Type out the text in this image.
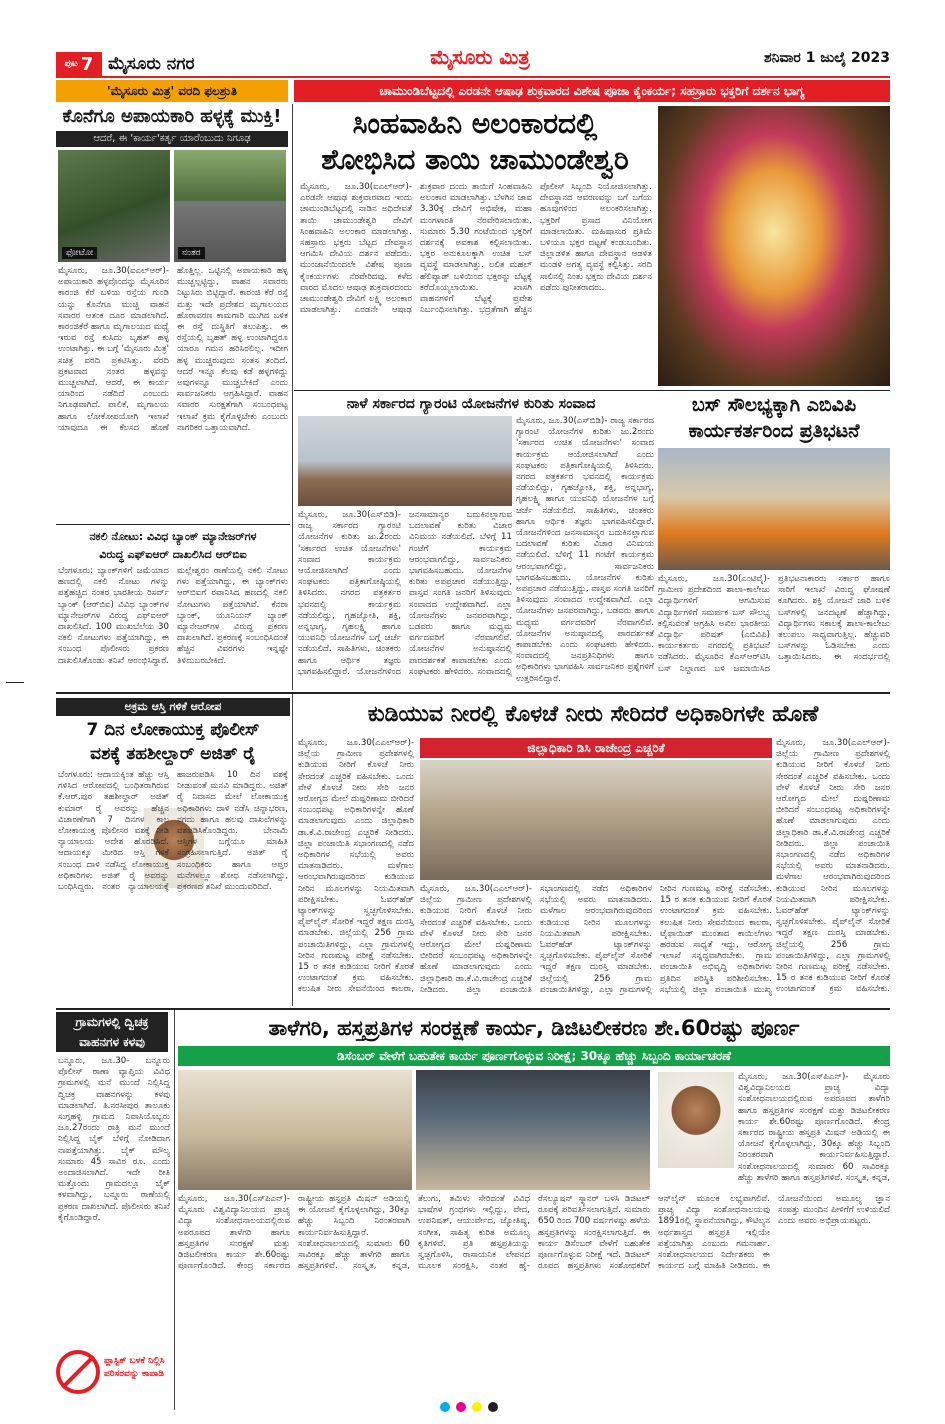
ಪುಟ 7 ಮೈಸೂರು ನಗರ	ಮೈಸೂರು ಮಿತ್ರ	ಶನಿವಾರ 1 ಜುಲೈ 2023
'ಮೈಸೂರು ಮಿತ್ರ' ವರದಿ ಫಲಶ್ರುತಿ
ಕೊನೆಗೂ ಅಪಾಯಕಾರಿ ಹಳ್ಳಕ್ಕೆ ಮುಕ್ತಿ!
ಆದರೆ, ಈ 'ಕಾರ್ಯ'ಕರ್ತೃ ಯಾರೆಂಬುದು ನಿಗೂಢ
ಫೋಟೋ	ನಂತರ
ಮೈಸೂರು, ಜೂ.30(ಐಎಲ್‌ಆರ್)- ಅಪಾಯಕಾರಿ ಹಳ್ಳವೊಂದನ್ನು ಮೈಸೂರಿನ ಕಾರಂಜಿ ಕೆರೆ ಬಳಿಯ ರಸ್ತೆಯ ಗುಂಡಿ ಯನ್ನು ಕೊನೆಗೂ ಮುಚ್ಚಿ ವಾಹನ ಸವಾರರ ಆತಂಕ ದೂರ ಮಾಡಲಾಗಿದೆ. ಕಾರಂಜಿಕೆರೆ ಹಾಗೂ ಮೃಗಾಲಯದ ಮಧ್ಯೆ ಇರುವ ರಸ್ತೆ ಕುಸಿದು ಬೃಹತ್ ಹಳ್ಳ ಉಂಟಾಗಿತ್ತು. ಈ ಬಗ್ಗೆ 'ಮೈಸೂರು ಮಿತ್ರ' ಸಚಿತ್ರ ವರದಿ ಪ್ರಕಟಿಸಿತ್ತು. ವರದಿ ಪ್ರಕಟವಾದ ನಂತರ ಹಳ್ಳವನ್ನು ಮುಚ್ಚಲಾಗಿದೆ. ಆದರೆ, ಈ ಕಾರ್ಯ ಯಾರಿಂದ ನಡೆದಿದೆ ಎಂಬುದು ನಿಗೂಢವಾಗಿದೆ. ಪಾಲಿಕೆ, ಮೃಗಾಲಯ ಹಾಗೂ ಲೋಕೋಪಯೋಗಿ ಇಲಾಖೆ ಯಾವುದೂ ಈ ಕೆಲಸದ ಹೊಣೆ ಹೊತ್ತಿಲ್ಲ. ಒಟ್ಟಿನಲ್ಲಿ ಅಪಾಯಕಾರಿ ಹಳ್ಳ ಮುಚ್ಚಲ್ಪಟ್ಟಿದ್ದು, ವಾಹನ ಸವಾರರು ನಿಟ್ಟುಸಿರು ಬಿಟ್ಟಿದ್ದಾರೆ. ಕಾರಂಜಿ ಕೆರೆ ರಸ್ತೆ ಮತ್ತು ಇದೇ ಪ್ರದೇಶದ ಮೃಗಾಲಯದ ಹೊರಾವರಣ ಕಾಮಗಾರಿ ಮುಗಿದ ಬಳಿಕ ಈ ರಸ್ತೆ ದುಸ್ಥಿತಿಗೆ ತಲುಪಿತ್ತು. ಈ ರಸ್ತೆಯಲ್ಲಿ ಬೃಹತ್ ಹಳ್ಳ ಉಂಟಾಗಿದ್ದರೂ ಯಾರೂ ಗಮನ ಹರಿಸಿರಲಿಲ್ಲ. ಇದೀಗ ಹಳ್ಳ ಮುಚ್ಚಿರುವುದು ಸಂತಸ ತಂದಿದೆ. ಆದರೆ ಇನ್ನೂ ಕೆಲವು ಕಡೆ ಹಳ್ಳಗಳಿದ್ದು ಅವುಗಳನ್ನೂ ಮುಚ್ಚಬೇಕಿದೆ ಎಂದು ಸಾರ್ವಜನಿಕರು ಆಗ್ರಹಿಸಿದ್ದಾರೆ. ವಾಹನ ಸವಾರರ ಸುರಕ್ಷತೆಗಾಗಿ ಸಂಬಂಧಪಟ್ಟ ಇಲಾಖೆ ಕ್ರಮ ಕೈಗೊಳ್ಳಬೇಕು ಎಂಬುದು ನಾಗರಿಕರ ಒತ್ತಾಯವಾಗಿದೆ.
ಚಾಮುಂಡಿಬೆಟ್ಟದಲ್ಲಿ ಎರಡನೇ ಆಷಾಢ ಶುಕ್ರವಾರದ ವಿಶೇಷ ಪೂಜಾ ಕೈಂಕರ್ಯ; ಸಹಸ್ರಾರು ಭಕ್ತರಿಗೆ ದರ್ಶನ ಭಾಗ್ಯ
ಸಿಂಹವಾಹಿನಿ ಅಲಂಕಾರದಲ್ಲಿ
ಶೋಭಿಸಿದ ತಾಯಿ ಚಾಮುಂಡೇಶ್ವರಿ
ಮೈಸೂರು, ಜೂ.30(ಐಎಲ್‌ಆರ್)- ಎರಡನೇ ಆಷಾಢ ಶುಕ್ರವಾರವಾದ ಇಂದು ಚಾಮುಂಡಿಬೆಟ್ಟದಲ್ಲಿ ನಾಡಿನ ಅಧಿದೇವತೆ ತಾಯಿ ಚಾಮುಂಡೇಶ್ವರಿ ದೇವಿಗೆ ಸಿಂಹವಾಹಿನಿ ಅಲಂಕಾರ ಮಾಡಲಾಗಿತ್ತು. ಸಹಸ್ರಾರು ಭಕ್ತರು ಬೆಟ್ಟದ ದೇವಸ್ಥಾನ ಆಗಮಿಸಿ ದೇವಿಯ ದರ್ಶನ ಪಡೆದರು. ಮುಂಜಾನೆಯಿಂದಲೇ ವಿಶೇಷ ಪೂಜಾ ಕೈಂಕರ್ಯಗಳು ನೆರವೇರಿದವು. ಕಳೆದ ವಾರದ ಮೊದಲ ಆಷಾಢ ಶುಕ್ರವಾರದಂದು ಚಾಮುಂಡೇಶ್ವರಿ ದೇವಿಗೆ ಲಕ್ಷ್ಮಿ ಅಲಂಕಾರ ಮಾಡಲಾಗಿತ್ತು. ಎರಡನೇ ಆಷಾಢ ಶುಕ್ರವಾರ ದಂದು ತಾಯಿಗೆ ಸಿಂಹವಾಹಿನಿ ಅಲಂಕಾರ ಮಾಡಲಾಗಿತ್ತು. ಬೆಳಗಿನ ಜಾವ 3.30ಕ್ಕೆ ದೇವಿಗೆ ಅಭಿಷೇಕ, ಮಹಾ ಮಂಗಳಾರತಿ ನೆರವೇರಿಸಲಾಯಿತು. ಸುಮಾರು 5.30 ಗಂಟೆಯಿಂದ ಭಕ್ತರಿಗೆ ದರ್ಶನಕ್ಕೆ ಅವಕಾಶ ಕಲ್ಪಿಸಲಾಯಿತು. ಭಕ್ತರ ಅನುಕೂಲಕ್ಕಾಗಿ ಉಚಿತ ಬಸ್ ವ್ಯವಸ್ಥೆ ಮಾಡಲಾಗಿತ್ತು. ಲಲಿತ ಮಹಲ್ ಹೆಲಿಪ್ಯಾಡ್ ಬಳಿಯಿಂದ ಭಕ್ತರನ್ನು ಬೆಟ್ಟಕ್ಕೆ ಕರೆದೊಯ್ಯಲಾಯಿತು. ಖಾಸಗಿ ವಾಹನಗಳಿಗೆ ಬೆಟ್ಟಕ್ಕೆ ಪ್ರವೇಶ ನಿರ್ಬಂಧಿಸಲಾಗಿತ್ತು. ಭದ್ರತೆಗಾಗಿ ಹೆಚ್ಚಿನ ಪೊಲೀಸ್ ಸಿಬ್ಬಂದಿ ನಿಯೋಜಿಸಲಾಗಿತ್ತು. ದೇವಸ್ಥಾನದ ಆವರಣವನ್ನು ಬಗೆ ಬಗೆಯ ಹೂವುಗಳಿಂದ ಅಲಂಕರಿಸಲಾಗಿತ್ತು. ಭಕ್ತರಿಗೆ ಪ್ರಸಾದ ವಿನಿಯೋಗ ಮಾಡಲಾಯಿತು. ಮಹಿಷಾಸುರ ಪ್ರತಿಮೆ ಬಳಿಯೂ ಭಕ್ತರ ದಟ್ಟಣೆ ಕಂಡುಬಂದಿತು. ಜಿಲ್ಲಾಡಳಿತ ಹಾಗೂ ದೇವಸ್ಥಾನ ಆಡಳಿತ ಮಂಡಳಿ ಅಗತ್ಯ ವ್ಯವಸ್ಥೆ ಕಲ್ಪಿಸಿತ್ತು. ಸರದಿ ಸಾಲಿನಲ್ಲಿ ನಿಂತು ಭಕ್ತರು ದೇವಿಯ ದರ್ಶನ ಪಡೆದು ಪುನೀತರಾದರು.
ನಾಳೆ ಸರ್ಕಾರದ ಗ್ಯಾರಂಟಿ ಯೋಜನೆಗಳ ಕುರಿತು ಸಂವಾದ
ಮೈಸೂರು, ಜೂ.30(ಎಸ್‌ಬಿಡಿ)- ರಾಜ್ಯ ಸರ್ಕಾರದ ಗ್ಯಾರಂಟಿ ಯೋಜನೆಗಳ ಕುರಿತು ಜು.2ರಂದು 'ಸರ್ಕಾರದ ಉಚಿತ ಯೋಜನೆಗಳು' ಸಂವಾದ ಕಾರ್ಯಕ್ರಮ ಆಯೋಜಿಸಲಾಗಿದೆ ಎಂದು ಸಂಘಟಕರು ಪತ್ರಿಕಾಗೋಷ್ಠಿಯಲ್ಲಿ ತಿಳಿಸಿದರು. ನಗರದ ಪತ್ರಕರ್ತರ ಭವನದಲ್ಲಿ ಕಾರ್ಯಕ್ರಮ ನಡೆಯಲಿದ್ದು, ಗೃಹಜ್ಯೋತಿ, ಶಕ್ತಿ, ಅನ್ನಭಾಗ್ಯ, ಗೃಹಲಕ್ಷ್ಮಿ ಹಾಗೂ ಯುವನಿಧಿ ಯೋಜನೆಗಳ ಬಗ್ಗೆ ಚರ್ಚೆ ನಡೆಯಲಿದೆ. ಸಾಹಿತಿಗಳು, ಚಿಂತಕರು ಹಾಗೂ ಆರ್ಥಿಕ ತಜ್ಞರು ಭಾಗವಹಿಸಲಿದ್ದಾರೆ. ಯೋಜನೆಗಳಿಂದ ಜನಸಾಮಾನ್ಯರ ಬದುಕಿನಲ್ಲಾಗುವ ಬದಲಾವಣೆ ಕುರಿತು ವಿಚಾರ ವಿನಿಮಯ ನಡೆಯಲಿದೆ. ಬೆಳಿಗ್ಗೆ 11 ಗಂಟೆಗೆ ಕಾರ್ಯಕ್ರಮ ಆರಂಭವಾಗಲಿದ್ದು, ಸಾರ್ವಜನಿಕರು ಭಾಗವಹಿಸಬಹುದು. ಯೋಜನೆಗಳ ಕುರಿತು ಅಪಪ್ರಚಾರ ನಡೆಯುತ್ತಿದ್ದು, ವಾಸ್ತವ ಸಂಗತಿ ಜನರಿಗೆ ತಿಳಿಸುವುದು ಸಂವಾದದ ಉದ್ದೇಶವಾಗಿದೆ. ಎಲ್ಲಾ ಯೋಜನೆಗಳು ಜನಪರವಾಗಿದ್ದು, ಬಡವರು ಹಾಗೂ ಮಧ್ಯಮ ವರ್ಗದವರಿಗೆ ನೆರವಾಗಲಿವೆ. ಯೋಜನೆಗಳ ಅನುಷ್ಠಾನದಲ್ಲಿ ಪಾರದರ್ಶಕತೆ ಕಾಪಾಡಬೇಕು ಎಂದು ಸಂಘಟಕರು ಹೇಳಿದರು. ಸಂವಾದದಲ್ಲಿ ಜನಪ್ರತಿನಿಧಿಗಳು ಹಾಗೂ ಅಧಿಕಾರಿಗಳು ಭಾಗವಹಿಸಿ ಸಾರ್ವಜನಿಕರ ಪ್ರಶ್ನೆಗಳಿಗೆ ಉತ್ತರಿಸಲಿದ್ದಾರೆ.
ಮೈಸೂರು, ಜೂ.30(ಎಸ್‌ಬಿಡಿ)- ರಾಜ್ಯ ಸರ್ಕಾರದ ಗ್ಯಾರಂಟಿ ಯೋಜನೆಗಳ ಕುರಿತು ಜು.2ರಂದು 'ಸರ್ಕಾರದ ಉಚಿತ ಯೋಜನೆಗಳು' ಸಂವಾದ ಕಾರ್ಯಕ್ರಮ ಆಯೋಜಿಸಲಾಗಿದೆ ಎಂದು ಸಂಘಟಕರು ಪತ್ರಿಕಾಗೋಷ್ಠಿಯಲ್ಲಿ ತಿಳಿಸಿದರು. ನಗರದ ಪತ್ರಕರ್ತರ ಭವನದಲ್ಲಿ ಕಾರ್ಯಕ್ರಮ ನಡೆಯಲಿದ್ದು, ಗೃಹಜ್ಯೋತಿ, ಶಕ್ತಿ, ಅನ್ನಭಾಗ್ಯ, ಗೃಹಲಕ್ಷ್ಮಿ ಹಾಗೂ ಯುವನಿಧಿ ಯೋಜನೆಗಳ ಬಗ್ಗೆ ಚರ್ಚೆ ನಡೆಯಲಿದೆ. ಸಾಹಿತಿಗಳು, ಚಿಂತಕರು ಹಾಗೂ ಆರ್ಥಿಕ ತಜ್ಞರು ಭಾಗವಹಿಸಲಿದ್ದಾರೆ. ಯೋಜನೆಗಳಿಂದ ಜನಸಾಮಾನ್ಯರ ಬದುಕಿನಲ್ಲಾಗುವ ಬದಲಾವಣೆ ಕುರಿತು ವಿಚಾರ ವಿನಿಮಯ ನಡೆಯಲಿದೆ. ಬೆಳಿಗ್ಗೆ 11 ಗಂಟೆಗೆ ಕಾರ್ಯಕ್ರಮ ಆರಂಭವಾಗಲಿದ್ದು, ಸಾರ್ವಜನಿಕರು ಭಾಗವಹಿಸಬಹುದು. ಯೋಜನೆಗಳ ಕುರಿತು ಅಪಪ್ರಚಾರ ನಡೆಯುತ್ತಿದ್ದು, ವಾಸ್ತವ ಸಂಗತಿ ಜನರಿಗೆ ತಿಳಿಸುವುದು ಸಂವಾದದ ಉದ್ದೇಶವಾಗಿದೆ. ಎಲ್ಲಾ ಯೋಜನೆಗಳು ಜನಪರವಾಗಿದ್ದು, ಬಡವರು ಹಾಗೂ ಮಧ್ಯಮ ವರ್ಗದವರಿಗೆ ನೆರವಾಗಲಿವೆ. ಯೋಜನೆಗಳ ಅನುಷ್ಠಾನದಲ್ಲಿ ಪಾರದರ್ಶಕತೆ ಕಾಪಾಡಬೇಕು ಎಂದು ಸಂಘಟಕರು ಹೇಳಿದರು. ಸಂವಾದದಲ್ಲಿ
ಬಸ್ ಸೌಲಭ್ಯಕ್ಕಾಗಿ ಎಬಿವಿಪಿ
ಕಾರ್ಯಕರ್ತರಿಂದ ಪ್ರತಿಭಟನೆ
ಮೈಸೂರು, ಜೂ.30(ಎಂಟಿವೈ)- ಗ್ರಾಮೀಣ ಪ್ರದೇಶದಿಂದ ಶಾಲಾ-ಕಾಲೇಜು ವಿದ್ಯಾರ್ಥಿಗಳಿಗೆ ಆಗಮಿಸುವ ವಿದ್ಯಾರ್ಥಿಗಳಿಗೆ ಸಮರ್ಪಕ ಬಸ್ ಸೌಲಭ್ಯ ಕಲ್ಪಿಸುವಂತೆ ಆಗ್ರಹಿಸಿ ಅಖಿಲ ಭಾರತೀಯ ವಿದ್ಯಾರ್ಥಿ ಪರಿಷತ್ (ಎಬಿವಿಪಿ) ಕಾರ್ಯಕರ್ತರು ನಗರದಲ್ಲಿ ಪ್ರತಿಭಟನೆ ನಡೆಸಿದರು. ಮೈಸೂರಿನ ಕೆಎಸ್‌ಆರ್‌ಟಿಸಿ ಬಸ್ ನಿಲ್ದಾಣದ ಬಳಿ ಜಮಾಯಿಸಿದ ಪ್ರತಿಭಟನಾಕಾರರು ಸರ್ಕಾರ ಹಾಗೂ ಸಾರಿಗೆ ಇಲಾಖೆ ವಿರುದ್ಧ ಘೋಷಣೆ ಕೂಗಿದರು. ಶಕ್ತಿ ಯೋಜನೆ ಜಾರಿ ಬಳಿಕ ಬಸ್‌ಗಳಲ್ಲಿ ಜನದಟ್ಟಣೆ ಹೆಚ್ಚಾಗಿದ್ದು, ವಿದ್ಯಾರ್ಥಿಗಳು ಸಕಾಲಕ್ಕೆ ಶಾಲಾ-ಕಾಲೇಜು ತಲುಪಲು ಸಾಧ್ಯವಾಗುತ್ತಿಲ್ಲ. ಹೆಚ್ಚುವರಿ ಬಸ್‌ಗಳನ್ನು ಓಡಿಸಬೇಕು ಎಂದು ಒತ್ತಾಯಿಸಿದರು. ಈ ಸಂದರ್ಭದಲ್ಲಿ
ನಕಲಿ ನೋಟು: ವಿವಿಧ ಬ್ಯಾಂಕ್ ಮ್ಯಾನೇಜರ್‌ಗಳ
ವಿರುದ್ಧ ಎಫ್‌ಐಆರ್ ದಾಖಲಿಸಿದ ಆರ್‌ಬಿಐ
ಬೆಂಗಳೂರು: ಬ್ಯಾಂಕ್‌ಗಳಿಗೆ ಜಮೆಯಾದ ಹಣದಲ್ಲಿ ನಕಲಿ ನೋಟು ಗಳನ್ನು ಪತ್ತೆಹಚ್ಚಿದ ನಂತರ ಭಾರತೀಯ ರಿಸರ್ವ್ ಬ್ಯಾಂಕ್ (ಆರ್‌ಬಿಐ) ವಿವಿಧ ಬ್ಯಾಂಕ್‌ಗಳ ಮ್ಯಾನೇಜರ್‌ಗಳ ವಿರುದ್ಧ ಎಫ್‌ಐಆರ್ ದಾಖಲಿಸಿದೆ. 100 ಮುಖಬೆಲೆಯ 30 ನಕಲಿ ನೋಟುಗಳು ಪತ್ತೆಯಾಗಿದ್ದು, ಈ ಸಂಬಂಧ ಪೊಲೀಸರು ಪ್ರಕರಣ ದಾಖಲಿಸಿಕೊಂಡು ತನಿಖೆ ಆರಂಭಿಸಿದ್ದಾರೆ. ಮಲ್ಲೇಶ್ವರಂ ಠಾಣೆಯಲ್ಲಿ ನಕಲಿ ನೋಟು ಗಳು ಪತ್ತೆಯಾಗಿದ್ದು, ಈ ಬ್ಯಾಂಕ್‌ಗಳು ಆರ್‌ಬಿಐಗೆ ರವಾನಿಸಿದ ಹಣದಲ್ಲಿ ನಕಲಿ ನೋಟುಗಳು ಪತ್ತೆಯಾಗಿವೆ. ಕೆನರಾ ಬ್ಯಾಂಕ್, ಯೂನಿಯನ್ ಬ್ಯಾಂಕ್ ಮ್ಯಾನೇಜರ್‌ಗಳ ವಿರುದ್ಧ ಪ್ರಕರಣ ದಾಖಲಾಗಿದೆ. ಪ್ರಕರಣಕ್ಕೆ ಸಂಬಂಧಿಸಿದಂತೆ ಹೆಚ್ಚಿನ ವಿವರಗಳು ಇನ್ನಷ್ಟೇ ತಿಳಿದುಬರಬೇಕಿದೆ.
ಅಕ್ರಮ ಆಸ್ತಿ ಗಳಿಕೆ ಆರೋಪ
7 ದಿನ ಲೋಕಾಯುಕ್ತ ಪೊಲೀಸ್
ವಶಕ್ಕೆ ತಹಶೀಲ್ದಾರ್ ಅಜಿತ್ ರೈ
ಬೆಂಗಳೂರು: ಆದಾಯಕ್ಕಿಂತ ಹೆಚ್ಚು ಆಸ್ತಿ ಗಳಿಸಿದ ಆರೋಪದಲ್ಲಿ ಬಂಧಿತರಾಗಿರುವ ಕೆ.ಆರ್.ಪುರ ತಹಶೀಲ್ದಾರ್ ಅಜಿತ್ ಕುಮಾರ್ ರೈ ಅವರನ್ನು ಹೆಚ್ಚಿನ ವಿಚಾರಣೆಗಾಗಿ 7 ದಿನಗಳ ಕಾಲ ಲೋಕಾಯುಕ್ತ ಪೊಲೀಸರ ವಶಕ್ಕೆ ನೀಡಿ ನ್ಯಾಯಾಲಯ ಆದೇಶ ಹೊರಡಿಸಿದೆ. ಆದಾಯಕ್ಕೂ ಮೀರಿದ ಆಸ್ತಿ ಗಳಿಕೆ ಸಂಬಂಧ ದಾಳಿ ನಡೆಸಿದ್ದ ಲೋಕಾಯುಕ್ತ ಅಧಿಕಾರಿಗಳು ಅಜಿತ್ ರೈ ಅವರನ್ನು ಬಂಧಿಸಿದ್ದರು. ನಂತರ ನ್ಯಾಯಾಲಯಕ್ಕೆ ಹಾಜರುಪಡಿಸಿ 10 ದಿನ ವಶಕ್ಕೆ ನೀಡುವಂತೆ ಮನವಿ ಮಾಡಿದ್ದರು. ಅಜಿತ್ ರೈ ನಿವಾಸದ ಮೇಲೆ ಲೋಕಾಯುಕ್ತ ಅಧಿಕಾರಿಗಳು ದಾಳಿ ನಡೆಸಿ ಚಿನ್ನಾಭರಣ, ನಗದು ಹಾಗೂ ಹಲವು ದಾಖಲೆಗಳನ್ನು ವಶಪಡಿಸಿಕೊಂಡಿದ್ದರು. ಬೇನಾಮಿ ಆಸ್ತಿಗಳ ಬಗ್ಗೆಯೂ ಮಾಹಿತಿ ಸಂಗ್ರಹಿಸಲಾಗುತ್ತಿದೆ. ಅಜಿತ್ ರೈ ಸಂಬಂಧಿಕರು ಹಾಗೂ ಆಪ್ತರ ಮನೆಗಳಲ್ಲೂ ಶೋಧ ನಡೆಸಲಾಗಿದ್ದು, ಪ್ರಕರಣದ ತನಿಖೆ ಮುಂದುವರಿದಿದೆ.
ಕುಡಿಯುವ ನೀರಲ್ಲಿ ಕೊಳಚೆ ನೀರು ಸೇರಿದರೆ ಅಧಿಕಾರಿಗಳೇ ಹೊಣೆ
ಮೈಸೂರು, ಜೂ.30(ಎಎಲ್‌ಆರ್)- ಜಿಲ್ಲೆಯ ಗ್ರಾಮೀಣ ಪ್ರದೇಶಗಳಲ್ಲಿ ಕುಡಿಯುವ ನೀರಿಗೆ ಕೊಳಚೆ ನೀರು ಸೇರದಂತೆ ಎಚ್ಚರಿಕೆ ವಹಿಸಬೇಕು. ಒಂದು ವೇಳೆ ಕೊಳಚೆ ನೀರು ಸೇರಿ ಜನರ ಆರೋಗ್ಯದ ಮೇಲೆ ದುಷ್ಪರಿಣಾಮ ಬೀರಿದರೆ ಸಂಬಂಧಪಟ್ಟ ಅಧಿಕಾರಿಗಳನ್ನೇ ಹೊಣೆ ಮಾಡಲಾಗುವುದು ಎಂದು ಜಿಲ್ಲಾಧಿಕಾರಿ ಡಾ.ಕೆ.ವಿ.ರಾಜೇಂದ್ರ ಎಚ್ಚರಿಕೆ ನೀಡಿದರು. ಜಿಲ್ಲಾ ಪಂಚಾಯಿತಿ ಸಭಾಂಗಣದಲ್ಲಿ ನಡೆದ ಅಧಿಕಾರಿಗಳ ಸಭೆಯಲ್ಲಿ ಅವರು ಮಾತನಾಡಿದರು. ಮಳೆಗಾಲ ಆರಂಭವಾಗಿರುವುದರಿಂದ ಕುಡಿಯುವ ನೀರಿನ ಮೂಲಗಳನ್ನು ನಿಯಮಿತವಾಗಿ ಪರೀಕ್ಷಿಸಬೇಕು. ಓವರ್‌ಹೆಡ್ ಟ್ಯಾಂಕ್‌ಗಳನ್ನು ಸ್ವಚ್ಛಗೊಳಿಸಬೇಕು. ಪೈಪ್‌ಲೈನ್ ಸೋರಿಕೆ ಇದ್ದರೆ ತಕ್ಷಣ ದುರಸ್ತಿ ಮಾಡಬೇಕು. ಜಿಲ್ಲೆಯಲ್ಲಿ 256 ಗ್ರಾಮ ಪಂಚಾಯಿತಿಗಳಿದ್ದು, ಎಲ್ಲಾ ಗ್ರಾಮಗಳಲ್ಲಿ ನೀರಿನ ಗುಣಮಟ್ಟ ಪರೀಕ್ಷೆ ನಡೆಸಬೇಕು. 15 ರ ತನಕ ಕುಡಿಯುವ ನೀರಿಗೆ ಕೊರತೆ ಉಂಟಾಗದಂತೆ ಕ್ರಮ ವಹಿಸಬೇಕು. ಕಲುಷಿತ ನೀರು ಸೇವನೆಯಿಂದ ಕಾಲರಾ,
ಜಿಲ್ಲಾಧಿಕಾರಿ ಡಿಸಿ ರಾಜೇಂದ್ರ ಎಚ್ಚರಿಕೆ
ಮೈಸೂರು, ಜೂ.30(ಎಎಲ್‌ಆರ್)- ಜಿಲ್ಲೆಯ ಗ್ರಾಮೀಣ ಪ್ರದೇಶಗಳಲ್ಲಿ ಕುಡಿಯುವ ನೀರಿಗೆ ಕೊಳಚೆ ನೀರು ಸೇರದಂತೆ ಎಚ್ಚರಿಕೆ ವಹಿಸಬೇಕು. ಒಂದು ವೇಳೆ ಕೊಳಚೆ ನೀರು ಸೇರಿ ಜನರ ಆರೋಗ್ಯದ ಮೇಲೆ ದುಷ್ಪರಿಣಾಮ ಬೀರಿದರೆ ಸಂಬಂಧಪಟ್ಟ ಅಧಿಕಾರಿಗಳನ್ನೇ ಹೊಣೆ ಮಾಡಲಾಗುವುದು ಎಂದು ಜಿಲ್ಲಾಧಿಕಾರಿ ಡಾ.ಕೆ.ವಿ.ರಾಜೇಂದ್ರ ಎಚ್ಚರಿಕೆ ನೀಡಿದರು. ಜಿಲ್ಲಾ ಪಂಚಾಯಿತಿ ಸಭಾಂಗಣದಲ್ಲಿ ನಡೆದ ಅಧಿಕಾರಿಗಳ ಸಭೆಯಲ್ಲಿ ಅವರು ಮಾತನಾಡಿದರು. ಮಳೆಗಾಲ ಆರಂಭವಾಗಿರುವುದರಿಂದ ಕುಡಿಯುವ ನೀರಿನ ಮೂಲಗಳನ್ನು ನಿಯಮಿತವಾಗಿ ಪರೀಕ್ಷಿಸಬೇಕು. ಓವರ್‌ಹೆಡ್ ಟ್ಯಾಂಕ್‌ಗಳನ್ನು ಸ್ವಚ್ಛಗೊಳಿಸಬೇಕು. ಪೈಪ್‌ಲೈನ್ ಸೋರಿಕೆ ಇದ್ದರೆ ತಕ್ಷಣ ದುರಸ್ತಿ ಮಾಡಬೇಕು. ಜಿಲ್ಲೆಯಲ್ಲಿ 256 ಗ್ರಾಮ ಪಂಚಾಯಿತಿಗಳಿದ್ದು, ಎಲ್ಲಾ ಗ್ರಾಮಗಳಲ್ಲಿ ನೀರಿನ ಗುಣಮಟ್ಟ ಪರೀಕ್ಷೆ ನಡೆಸಬೇಕು. 15 ರ ತನಕ ಕುಡಿಯುವ ನೀರಿಗೆ ಕೊರತೆ ಉಂಟಾಗದಂತೆ ಕ್ರಮ ವಹಿಸಬೇಕು. ಕಲುಷಿತ ನೀರು ಸೇವನೆಯಿಂದ ಕಾಲರಾ, ಟೈಫಾಯಿಡ್ ಮುಂತಾದ ಕಾಯಿಲೆಗಳು ಹರಡುವ ಸಾಧ್ಯತೆ ಇದ್ದು, ಆರೋಗ್ಯ ಇಲಾಖೆ ಸನ್ನದ್ಧವಾಗಿರಬೇಕು. ಗ್ರಾಮ ಪಂಚಾಯಿತಿ ಅಭಿವೃದ್ಧಿ ಅಧಿಕಾರಿಗಳು ಪ್ರತಿದಿನ ಪರಿಸ್ಥಿತಿ ಪರಿಶೀಲಿಸಬೇಕು. ಸಭೆಯಲ್ಲಿ ಜಿಲ್ಲಾ ಪಂಚಾಯಿತಿ ಮುಖ್ಯ
ಮೈಸೂರು, ಜೂ.30(ಎಎಲ್‌ಆರ್)- ಜಿಲ್ಲೆಯ ಗ್ರಾಮೀಣ ಪ್ರದೇಶಗಳಲ್ಲಿ ಕುಡಿಯುವ ನೀರಿಗೆ ಕೊಳಚೆ ನೀರು ಸೇರದಂತೆ ಎಚ್ಚರಿಕೆ ವಹಿಸಬೇಕು. ಒಂದು ವೇಳೆ ಕೊಳಚೆ ನೀರು ಸೇರಿ ಜನರ ಆರೋಗ್ಯದ ಮೇಲೆ ದುಷ್ಪರಿಣಾಮ ಬೀರಿದರೆ ಸಂಬಂಧಪಟ್ಟ ಅಧಿಕಾರಿಗಳನ್ನೇ ಹೊಣೆ ಮಾಡಲಾಗುವುದು ಎಂದು ಜಿಲ್ಲಾಧಿಕಾರಿ ಡಾ.ಕೆ.ವಿ.ರಾಜೇಂದ್ರ ಎಚ್ಚರಿಕೆ ನೀಡಿದರು. ಜಿಲ್ಲಾ ಪಂಚಾಯಿತಿ ಸಭಾಂಗಣದಲ್ಲಿ ನಡೆದ ಅಧಿಕಾರಿಗಳ ಸಭೆಯಲ್ಲಿ ಅವರು ಮಾತನಾಡಿದರು. ಮಳೆಗಾಲ ಆರಂಭವಾಗಿರುವುದರಿಂದ ಕುಡಿಯುವ ನೀರಿನ ಮೂಲಗಳನ್ನು ನಿಯಮಿತವಾಗಿ ಪರೀಕ್ಷಿಸಬೇಕು. ಓವರ್‌ಹೆಡ್ ಟ್ಯಾಂಕ್‌ಗಳನ್ನು ಸ್ವಚ್ಛಗೊಳಿಸಬೇಕು. ಪೈಪ್‌ಲೈನ್ ಸೋರಿಕೆ ಇದ್ದರೆ ತಕ್ಷಣ ದುರಸ್ತಿ ಮಾಡಬೇಕು. ಜಿಲ್ಲೆಯಲ್ಲಿ 256 ಗ್ರಾಮ ಪಂಚಾಯಿತಿಗಳಿದ್ದು, ಎಲ್ಲಾ ಗ್ರಾಮಗಳಲ್ಲಿ ನೀರಿನ ಗುಣಮಟ್ಟ ಪರೀಕ್ಷೆ ನಡೆಸಬೇಕು. 15 ರ ತನಕ ಕುಡಿಯುವ ನೀರಿಗೆ ಕೊರತೆ ಉಂಟಾಗದಂತೆ ಕ್ರಮ ವಹಿಸಬೇಕು.
ಗ್ರಾಮಗಳಲ್ಲಿ ದ್ವಿಚಕ್ರ
ವಾಹನಗಳ ಕಳವು
ಬನ್ನೂರು, ಜೂ.30- ಬನ್ನೂರು ಪೊಲೀಸ್ ಠಾಣಾ ವ್ಯಾಪ್ತಿಯ ವಿವಿಧ ಗ್ರಾಮಗಳಲ್ಲಿ ಮನೆ ಮುಂದೆ ನಿಲ್ಲಿಸಿದ್ದ ದ್ವಿಚಕ್ರ ವಾಹನಗಳನ್ನು ಕಳವು ಮಾಡಲಾಗಿದೆ. ತಿ.ನರಸೀಪುರ ತಾಲೂಕು ಸುಗ್ಗಹಳ್ಳಿ ಗ್ರಾಮದ ನಿವಾಸಿಯೊಬ್ಬರು ಜೂ.27ರಂದು ರಾತ್ರಿ ಮನೆ ಮುಂದೆ ನಿಲ್ಲಿಸಿದ್ದ ಬೈಕ್ ಬೆಳಿಗ್ಗೆ ನೋಡಿದಾಗ ನಾಪತ್ತೆಯಾಗಿತ್ತು. ಬೈಕ್ ಮೌಲ್ಯ ಸುಮಾರು 45 ಸಾವಿರ ರೂ. ಎಂದು ಅಂದಾಜಿಸಲಾಗಿದೆ. ಇದೇ ರೀತಿ ಮತ್ತೊಂದು ಗ್ರಾಮದಲ್ಲೂ ಬೈಕ್ ಕಳವಾಗಿದ್ದು, ಬನ್ನೂರು ಠಾಣೆಯಲ್ಲಿ ಪ್ರಕರಣ ದಾಖಲಾಗಿದೆ. ಪೊಲೀಸರು ತನಿಖೆ ಕೈಗೊಂಡಿದ್ದಾರೆ.
ತಾಳೆಗರಿ, ಹಸ್ತಪ್ರತಿಗಳ ಸಂರಕ್ಷಣೆ ಕಾರ್ಯ, ಡಿಜಿಟಲೀಕರಣ ಶೇ.60ರಷ್ಟು ಪೂರ್ಣ
ಡಿಸೆಂಬರ್ ವೇಳೆಗೆ ಬಹುತೇಕ ಕಾರ್ಯ ಪೂರ್ಣಗೊಳ್ಳುವ ನಿರೀಕ್ಷೆ; 30ಕ್ಕೂ ಹೆಚ್ಚು ಸಿಬ್ಬಂದಿ ಕಾರ್ಯಾಚರಣೆ
ಮೈಸೂರು, ಜೂ.30(ಎಸ್‌ಪಿಎನ್)- ಮೈಸೂರು ವಿಶ್ವವಿದ್ಯಾನಿಲಯದ ಪ್ರಾಚ್ಯ ವಿದ್ಯಾ ಸಂಶೋಧನಾಲಯದಲ್ಲಿರುವ ಅಪರೂಪದ ತಾಳೆಗರಿ ಹಾಗೂ ಹಸ್ತಪ್ರತಿಗಳ ಸಂರಕ್ಷಣೆ ಮತ್ತು ಡಿಜಿಟಲೀಕರಣ ಕಾರ್ಯ ಶೇ.60ರಷ್ಟು ಪೂರ್ಣಗೊಂಡಿದೆ. ಕೇಂದ್ರ ಸರ್ಕಾರದ ರಾಷ್ಟ್ರೀಯ ಹಸ್ತಪ್ರತಿ ಮಿಷನ್ ಅಡಿಯಲ್ಲಿ ಈ ಯೋಜನೆ ಕೈಗೊಳ್ಳಲಾಗಿದ್ದು, 30ಕ್ಕೂ ಹೆಚ್ಚು ಸಿಬ್ಬಂದಿ ನಿರಂತರವಾಗಿ ಕಾರ್ಯನಿರ್ವಹಿಸುತ್ತಿದ್ದಾರೆ. ಸಂಶೋಧನಾಲಯದಲ್ಲಿ ಸುಮಾರು 60 ಸಾವಿರಕ್ಕೂ ಹೆಚ್ಚು ತಾಳೆಗರಿ ಹಾಗೂ ಹಸ್ತಪ್ರತಿಗಳಿವೆ. ಸಂಸ್ಕೃತ, ಕನ್ನಡ,
ಮೈಸೂರು, ಜೂ.30(ಎಸ್‌ಪಿಎನ್)- ಮೈಸೂರು ವಿಶ್ವವಿದ್ಯಾನಿಲಯದ ಪ್ರಾಚ್ಯ ವಿದ್ಯಾ ಸಂಶೋಧನಾಲಯದಲ್ಲಿರುವ ಅಪರೂಪದ ತಾಳೆಗರಿ ಹಾಗೂ ಹಸ್ತಪ್ರತಿಗಳ ಸಂರಕ್ಷಣೆ ಮತ್ತು ಡಿಜಿಟಲೀಕರಣ ಕಾರ್ಯ ಶೇ.60ರಷ್ಟು ಪೂರ್ಣಗೊಂಡಿದೆ. ಕೇಂದ್ರ ಸರ್ಕಾರದ ರಾಷ್ಟ್ರೀಯ ಹಸ್ತಪ್ರತಿ ಮಿಷನ್ ಅಡಿಯಲ್ಲಿ ಈ ಯೋಜನೆ ಕೈಗೊಳ್ಳಲಾಗಿದ್ದು, 30ಕ್ಕೂ ಹೆಚ್ಚು ಸಿಬ್ಬಂದಿ ನಿರಂತರವಾಗಿ ಕಾರ್ಯನಿರ್ವಹಿಸುತ್ತಿದ್ದಾರೆ. ಸಂಶೋಧನಾಲಯದಲ್ಲಿ ಸುಮಾರು 60 ಸಾವಿರಕ್ಕೂ ಹೆಚ್ಚು ತಾಳೆಗರಿ ಹಾಗೂ ಹಸ್ತಪ್ರತಿಗಳಿವೆ. ಸಂಸ್ಕೃತ, ಕನ್ನಡ, ತೆಲುಗು, ತಮಿಳು ಸೇರಿದಂತೆ ವಿವಿಧ ಭಾಷೆಗಳ ಗ್ರಂಥಗಳು ಇಲ್ಲಿದ್ದು, ವೇದ, ಉಪನಿಷತ್, ಆಯುರ್ವೇದ, ಜ್ಯೋತಿಷ್ಯ, ಸಂಗೀತ, ಸಾಹಿತ್ಯ ಕುರಿತ ಅಮೂಲ್ಯ ಕೃತಿಗಳಿವೆ. ಪ್ರತಿ ಹಸ್ತಪ್ರತಿಯನ್ನು ಸ್ವಚ್ಛಗೊಳಿಸಿ, ರಾಸಾಯನಿಕ ಲೇಪನದ ಮೂಲಕ ಸಂರಕ್ಷಿಸಿ, ನಂತರ ಹೈ-ರೆಸಲ್ಯೂಷನ್ ಸ್ಕ್ಯಾನರ್ ಬಳಸಿ ಡಿಜಿಟಲ್ ರೂಪಕ್ಕೆ ಪರಿವರ್ತಿಸಲಾಗುತ್ತಿದೆ. ಸುಮಾರು 650 ರಿಂದ 700 ವರ್ಷಗಳಷ್ಟು ಹಳೆಯ ಹಸ್ತಪ್ರತಿಗಳನ್ನು ಸಂರಕ್ಷಿಸಲಾಗುತ್ತಿದೆ. ಈ ಕಾರ್ಯ ಡಿಸೆಂಬರ್ ವೇಳೆಗೆ ಬಹುತೇಕ ಪೂರ್ಣಗೊಳ್ಳುವ ನಿರೀಕ್ಷೆ ಇದೆ. ಡಿಜಿಟಲ್ ರೂಪದ ಹಸ್ತಪ್ರತಿಗಳು ಸಂಶೋಧಕರಿಗೆ ಆನ್‌ಲೈನ್ ಮೂಲಕ ಲಭ್ಯವಾಗಲಿವೆ. ಪ್ರಾಚ್ಯ ವಿದ್ಯಾ ಸಂಶೋಧನಾಲಯವು 1891ರಲ್ಲಿ ಸ್ಥಾಪನೆಯಾಗಿದ್ದು, ಕೌಟಿಲ್ಯನ ಅರ್ಥಶಾಸ್ತ್ರದ ಹಸ್ತಪ್ರತಿ ಇಲ್ಲಿಯೇ ಪತ್ತೆಯಾಗಿತ್ತು ಎಂಬುದು ಗಮನಾರ್ಹ. ಸಂಶೋಧನಾಲಯದ ನಿರ್ದೇಶಕರು ಈ ಕಾರ್ಯದ ಬಗ್ಗೆ ಮಾಹಿತಿ ನೀಡಿದರು. ಈ ಯೋಜನೆಯಿಂದ ಅಮೂಲ್ಯ ಜ್ಞಾನ ಸಂಪತ್ತು ಮುಂದಿನ ಪೀಳಿಗೆಗೆ ಉಳಿಯಲಿದೆ ಎಂದು ಅವರು ಅಭಿಪ್ರಾಯಪಟ್ಟರು.
ಪ್ಲಾಸ್ಟಿಕ್ ಬಳಕೆ ನಿಲ್ಲಿಸಿ
ಪರಿಸರವನ್ನು ಕಾಪಾಡಿ
